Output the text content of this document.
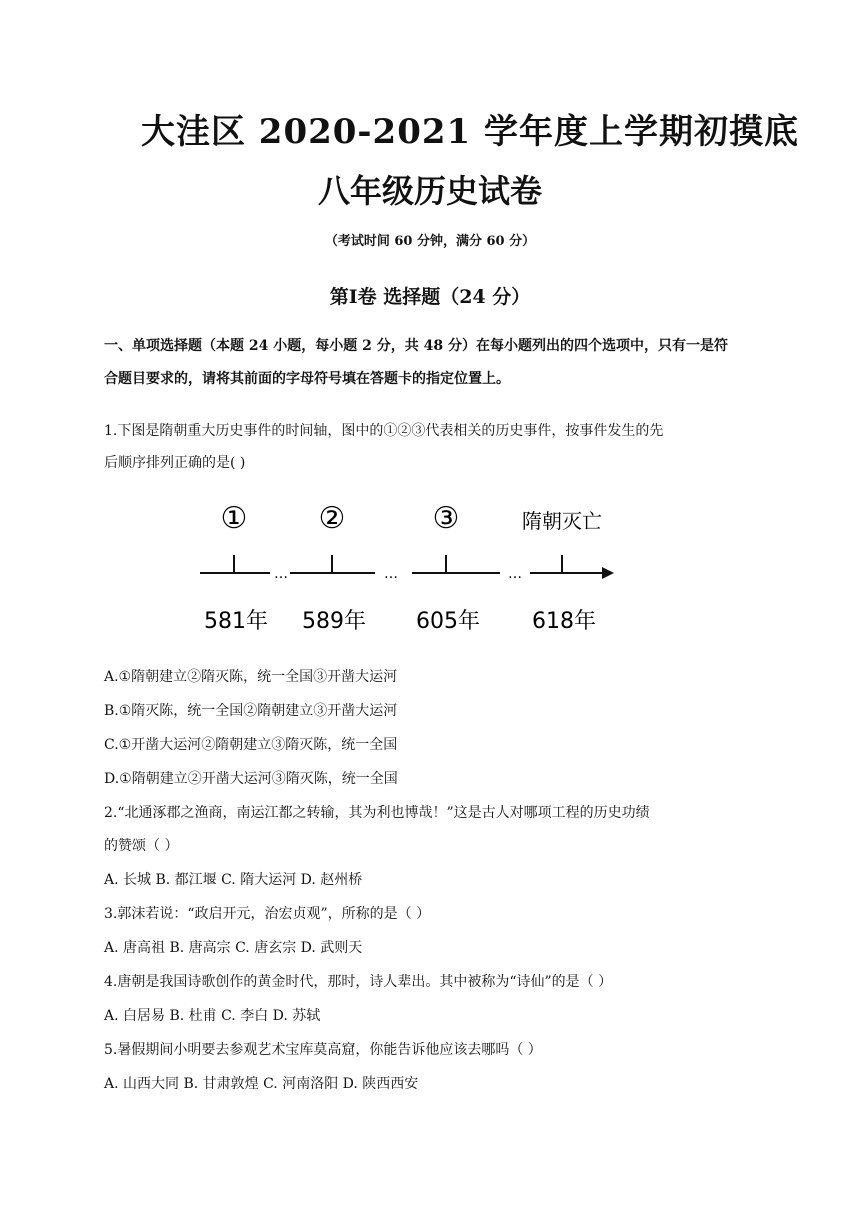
大洼区 2020-2021 学年度上学期初摸底
八年级历史试卷
（考试时间 60 分钟，满分 60 分）
第Ⅰ卷 选择题（24 分）
一、单项选择题（本题 24 小题，每小题 2 分，共 48 分）在每小题列出的四个选项中，只有一是符
合题目要求的，请将其前面的字母符号填在答题卡的指定位置上。
1.下图是隋朝重大历史事件的时间轴，图中的①②③代表相关的历史事件，按事件发生的先
后顺序排列正确的是( )
…	…	…
① ②	③	隋朝灭亡
581年 589年 605年 618年
A.①隋朝建立②隋灭陈，统一全国③开凿大运河
B.①隋灭陈，统一全国②隋朝建立③开凿大运河
C.①开凿大运河②隋朝建立③隋灭陈，统一全国
D.①隋朝建立②开凿大运河③隋灭陈，统一全国
2.“北通涿郡之渔商，南运江都之转输，其为利也博哉！”这是古人对哪项工程的历史功绩
的赞颂（ ）
A. 长城 B. 都江堰 C. 隋大运河 D. 赵州桥
3.郭沫若说：“政启开元，治宏贞观”，所称的是（ ）
A. 唐高祖 B. 唐高宗 C. 唐玄宗 D. 武则天
4.唐朝是我国诗歌创作的黄金时代，那时，诗人辈出。其中被称为“诗仙”的是（ ）
A. 白居易 B. 杜甫 C. 李白 D. 苏轼
5.暑假期间小明要去参观艺术宝库莫高窟，你能告诉他应该去哪吗（ ）
A. 山西大同 B. 甘肃敦煌 C. 河南洛阳 D. 陕西西安
